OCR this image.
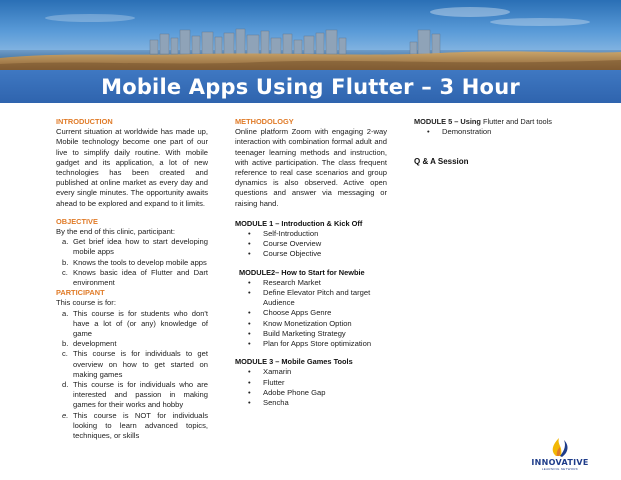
Mobile Apps Using Flutter – 3 Hour
INTRODUCTION

Current situation at worldwide has made up, Mobile technology become one part of our live to simplify daily routine. With mobile gadget and its application, a lot of new technologies has been created and published at online market as every day and every single minutes. The opportunity awaits ahead to be explored and expand to it limits.

OBJECTIVE

By the end of this clinic, participant:

a. Get brief idea how to start developing mobile apps
b. Knows the tools to develop mobile apps
c. Knows basic idea of Flutter and Dart environment
PARTICIPANT

This course is for:

a. This course is for students who don't have a lot of (or any) knowledge of game
b. development
c. This course is for individuals to get overview on how to get started on making games
d. This course is for individuals who are interested and passion in making games for their works and hobby
e. This course is NOT for individuals looking to learn advanced topics, techniques, or skills
METHODOLOGY

Online platform Zoom with engaging 2-way interaction with combination formal adult and teenager learning methods and instruction, with active participation. The class frequent reference to real case scenarios and group dynamics is also observed. Active open questions and answer via messaging or raising hand.

MODULE 1 – Introduction & Kick Off
•	Self-Introduction
•	Course Overview
•	Course Objective
MODULE2– How to Start for Newbie
•	Research Market
•	Define Elevator Pitch and target Audience
•	Choose Apps Genre
•	Know Monetization Option
•	Build Marketing Strategy
•	Plan for Apps Store optimization
MODULE 3 – Mobile Games Tools
•	Xamarin
•	Flutter
•	Adobe Phone Gap
•	Sencha
MODULE 5 – Using Flutter and Dart tools
•	Demonstration
Q & A Session
INNOVATIVE
LEARNING NETWORK
